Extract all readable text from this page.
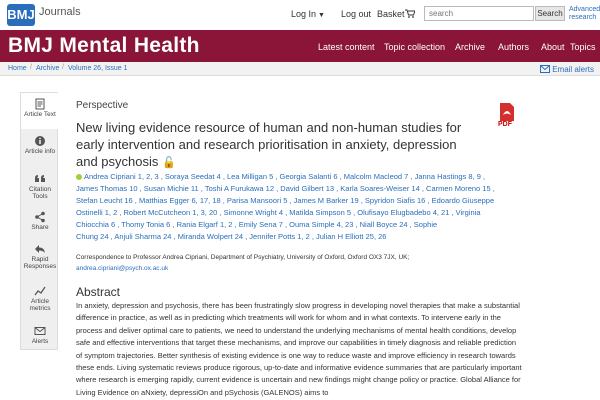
BMJ Journals	Log In ▼ Log out Basket
search	Search Advanced research
BMJ Mental Health	Latest content Topic collection Archive Authors About Topics
Home / Archive / Volume 26, Issue 1	Email alerts
Article Text
Article info
Citation Tools
Share
Rapid Responses
Article metrics
Alerts
Perspective
PDF
New living evidence resource of human and non-human studies for early intervention and research prioritisation in anxiety, depression and psychosis 🔓
Andrea Cipriani 1, 2, 3 , Soraya Seedat 4 , Lea Milligan 5 , Georgia Salanti 6 , Malcolm Macleod 7 , Janna Hastings 8, 9 ,
James Thomas 10 , Susan Michie 11 , Toshi A Furukawa 12 , David Gilbert 13 , Karla Soares-Weiser 14 , Carmen Moreno 15 ,
Stefan Leucht 16 , Matthias Egger 6, 17, 18 , Parisa Mansoori 5 , James M Barker 19 , Spyridon Siafis 16 , Edoardo Giuseppe
Ostinelli 1, 2 , Robert McCutcheon 1, 3, 20 , Simonne Wright 4 , Matilda Simpson 5 , Olufisayo Elugbadebo 4, 21 , Virginia
Chiocchia 6 , Thomy Tonia 6 , Rania Elgarf 1, 2 , Emily Sena 7 , Ouma Simple 4, 23 , Niall Boyce 24 , Sophie
Chung 24 , Anjuli Sharma 24 , Miranda Wolpert 24 , Jennifer Potts 1, 2 , Julian H Elliott 25, 26
Correspondence to Professor Andrea Cipriani, Department of Psychiatry, University of Oxford, Oxford OX3 7JX, UK;
andrea.cipriani@psych.ox.ac.uk
Abstract
In anxiety, depression and psychosis, there has been frustratingly slow progress in developing novel therapies that make a substantial difference in practice, as well as in predicting which treatments will work for whom and in what contexts. To intervene early in the process and deliver optimal care to patients, we need to understand the underlying mechanisms of mental health conditions, develop safe and effective interventions that target these mechanisms, and improve our capabilities in timely diagnosis and reliable prediction of symptom trajectories. Better synthesis of existing evidence is one way to reduce waste and improve efficiency in research towards these ends. Living systematic reviews produce rigorous, up-to-date and informative evidence summaries that are particularly important where research is emerging rapidly, current evidence is uncertain and new findings might change policy or practice. Global Alliance for Living Evidence on aNxiety, depressiOn and pSychosis (GALENOS) aims to
